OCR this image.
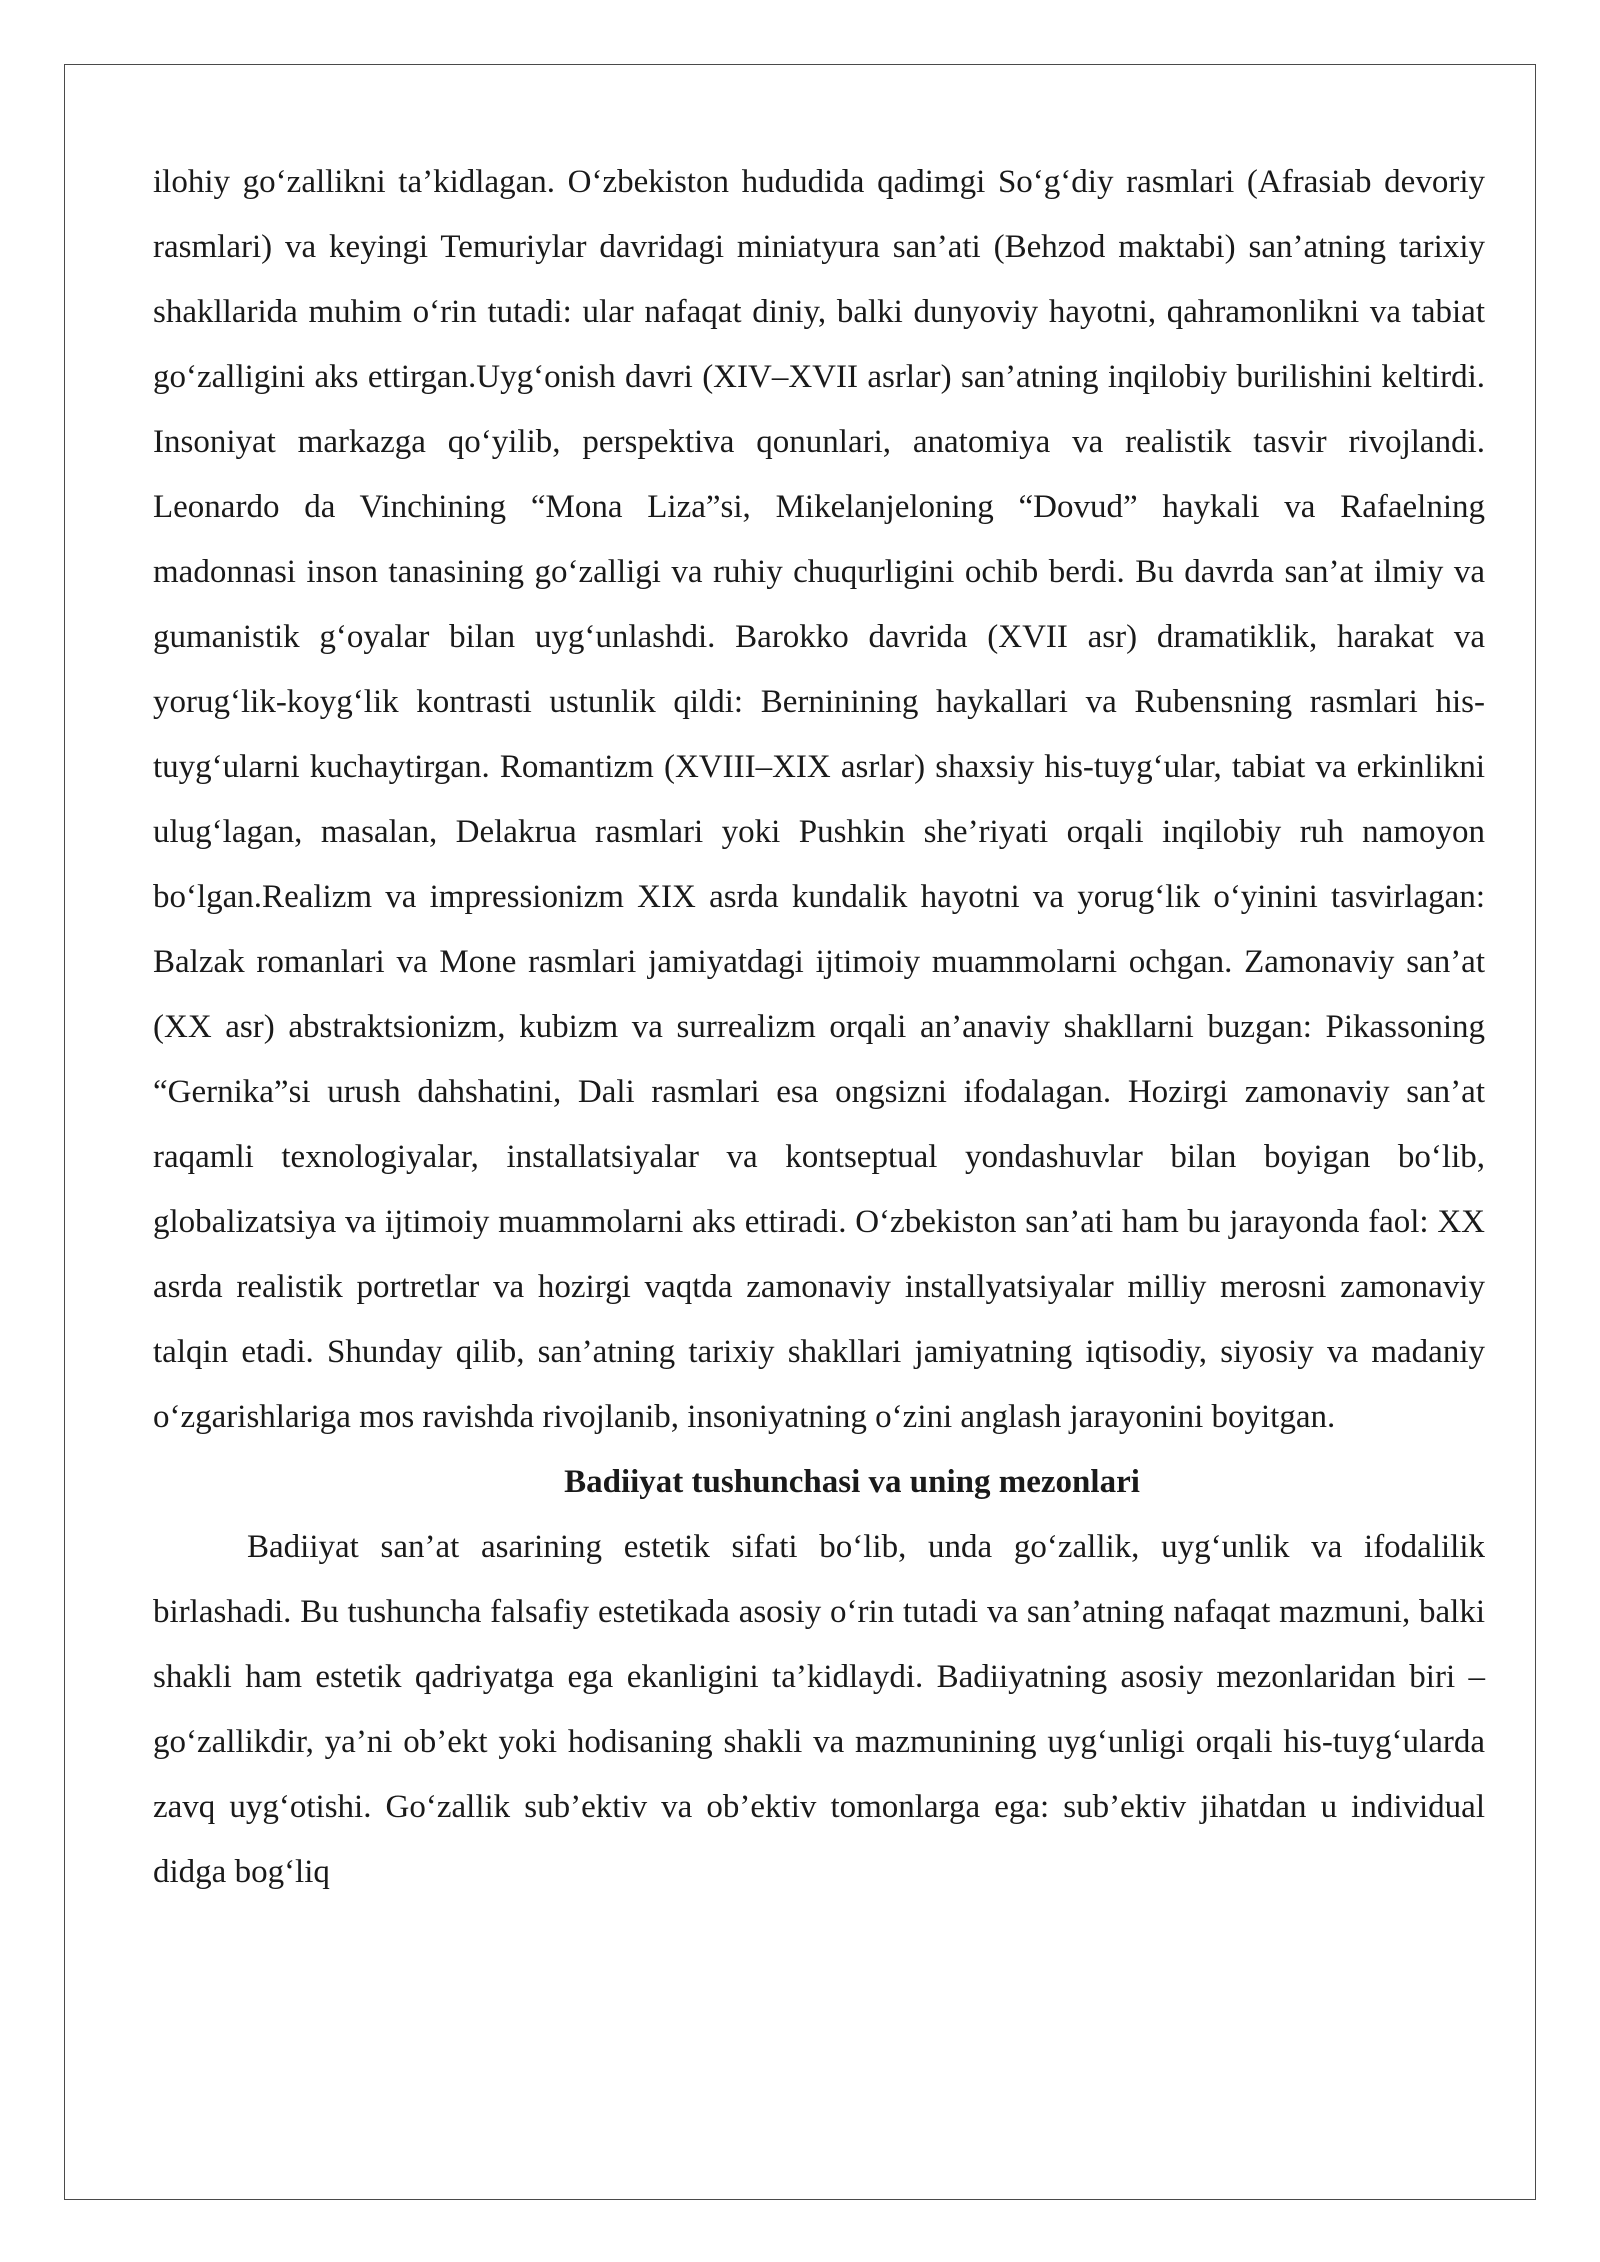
ilohiy go‘zallikni ta’kidlagan. O‘zbekiston hududida qadimgi So‘g‘diy rasmlari (Afrasiab devoriy rasmlari) va keyingi Temuriylar davridagi miniatyura san’ati (Behzod maktabi) san’atning tarixiy shakllarida muhim o‘rin tutadi: ular nafaqat diniy, balki dunyoviy hayotni, qahramonlikni va tabiat go‘zalligini aks ettirgan.Uyg‘onish davri (XIV–XVII asrlar) san’atning inqilobiy burilishini keltirdi. Insoniyat markazga qo‘yilib, perspektiva qonunlari, anatomiya va realistik tasvir rivojlandi. Leonardo da Vinchining “Mona Liza”si, Mikelanjeloning “Dovud” haykali va Rafaelning madonnasi inson tanasining go‘zalligi va ruhiy chuqurligini ochib berdi. Bu davrda san’at ilmiy va gumanistik g‘oyalar bilan uyg‘unlashdi. Barokko davrida (XVII asr) dramatiklik, harakat va yorug‘lik-koyg‘lik kontrasti ustunlik qildi: Berninining haykallari va Rubensning rasmlari his-tuyg‘ularni kuchaytirgan. Romantizm (XVIII–XIX asrlar) shaxsiy his-tuyg‘ular, tabiat va erkinlikni ulug‘lagan, masalan, Delakrua rasmlari yoki Pushkin she’riyati orqali inqilobiy ruh namoyon bo‘lgan.Realizm va impressionizm XIX asrda kundalik hayotni va yorug‘lik o‘yinini tasvirlagan: Balzak romanlari va Mone rasmlari jamiyatdagi ijtimoiy muammolarni ochgan. Zamonaviy san’at (XX asr) abstraktsionizm, kubizm va surrealizm orqali an’anaviy shakllarni buzgan: Pikassoning “Gernika”si urush dahshatini, Dali rasmlari esa ongsizni ifodalagan. Hozirgi zamonaviy san’at raqamli texnologiyalar, installatsiyalar va kontseptual yondashuvlar bilan boyigan bo‘lib, globalizatsiya va ijtimoiy muammolarni aks ettiradi. O‘zbekiston san’ati ham bu jarayonda faol: XX asrda realistik portretlar va hozirgi vaqtda zamonaviy installyatsiyalar milliy merosni zamonaviy talqin etadi. Shunday qilib, san’atning tarixiy shakllari jamiyatning iqtisodiy, siyosiy va madaniy o‘zgarishlariga mos ravishda rivojlanib, insoniyatning o‘zini anglash jarayonini boyitgan.

Badiiyat tushunchasi va uning mezonlari

Badiiyat san’at asarining estetik sifati bo‘lib, unda go‘zallik, uyg‘unlik va ifodalilik birlashadi. Bu tushuncha falsafiy estetikada asosiy o‘rin tutadi va san’atning nafaqat mazmuni, balki shakli ham estetik qadriyatga ega ekanligini ta’kidlaydi. Badiiyatning asosiy mezonlaridan biri – go‘zallikdir, ya’ni ob’ekt yoki hodisaning shakli va mazmunining uyg‘unligi orqali his-tuyg‘ularda zavq uyg‘otishi. Go‘zallik sub’ektiv va ob’ektiv tomonlarga ega: sub’ektiv jihatdan u individual didga bog‘liq
